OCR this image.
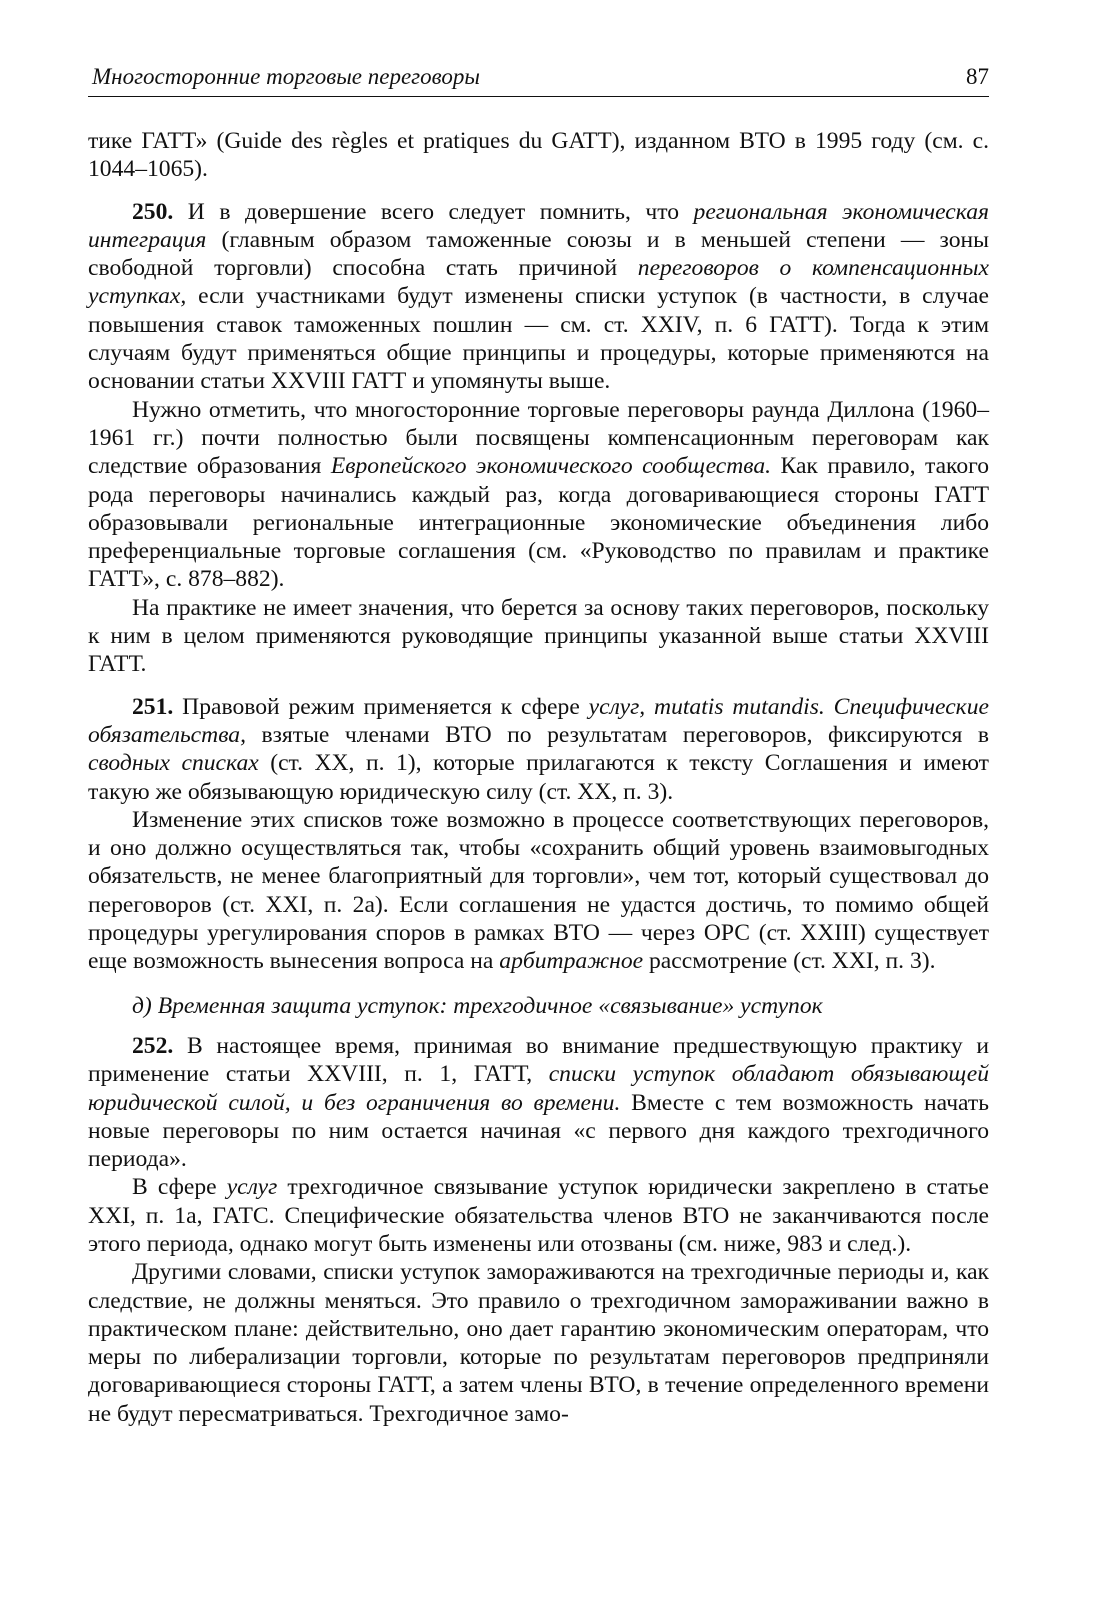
Многосторонние торговые переговоры	87

тике ГАТТ» (Guide des règles et pratiques du GATT), изданном ВТО в 1995 году (см. с. 1044–1065).

250. И в довершение всего следует помнить, что региональная экономическая интеграция (главным образом таможенные союзы и в меньшей степени — зоны свободной торговли) способна стать причиной переговоров о компенсационных уступках, если участниками будут изменены списки уступок (в частности, в случае повышения ставок таможенных пошлин — см. ст. XXIV, п. 6 ГАТТ). Тогда к этим случаям будут применяться общие принципы и процедуры, которые применяются на основании статьи XXVIII ГАТТ и упомянуты выше.

Нужно отметить, что многосторонние торговые переговоры раунда Диллона (1960–1961 гг.) почти полностью были посвящены компенсационным переговорам как следствие образования Европейского экономического сообщества. Как правило, такого рода переговоры начинались каждый раз, когда договаривающиеся стороны ГАТТ образовывали региональные интеграционные экономические объединения либо преференциальные торговые соглашения (см. «Руководство по правилам и практике ГАТТ», с. 878–882).

На практике не имеет значения, что берется за основу таких переговоров, поскольку к ним в целом применяются руководящие принципы указанной выше статьи XXVIII ГАТТ.

251. Правовой режим применяется к сфере услуг, mutatis mutandis. Специфические обязательства, взятые членами ВТО по результатам переговоров, фиксируются в сводных списках (ст. XX, п. 1), которые прилагаются к тексту Соглашения и имеют такую же обязывающую юридическую силу (ст. XX, п. 3).

Изменение этих списков тоже возможно в процессе соответствующих переговоров, и оно должно осуществляться так, чтобы «сохранить общий уровень взаимовыгодных обязательств, не менее благоприятный для торговли», чем тот, который существовал до переговоров (ст. XXI, п. 2а). Если соглашения не удастся достичь, то помимо общей процедуры урегулирования споров в рамках ВТО — через ОРС (ст. XXIII) существует еще возможность вынесения вопроса на арбитражное рассмотрение (ст. XXI, п. 3).

д) Временная защита уступок: трехгодичное «связывание» уступок

252. В настоящее время, принимая во внимание предшествующую практику и применение статьи XXVIII, п. 1, ГАТТ, списки уступок обладают обязывающей юридической силой, и без ограничения во времени. Вместе с тем возможность начать новые переговоры по ним остается начиная «с первого дня каждого трехгодичного периода».

В сфере услуг трехгодичное связывание уступок юридически закреплено в статье XXI, п. 1а, ГАТС. Специфические обязательства членов ВТО не заканчиваются после этого периода, однако могут быть изменены или отозваны (см. ниже, 983 и след.).

Другими словами, списки уступок замораживаются на трехгодичные периоды и, как следствие, не должны меняться. Это правило о трехгодичном замораживании важно в практическом плане: действительно, оно дает гарантию экономическим операторам, что меры по либерализации торговли, которые по результатам переговоров предприняли договаривающиеся стороны ГАТТ, а затем члены ВТО, в течение определенного времени не будут пересматриваться. Трехгодичное замо-
